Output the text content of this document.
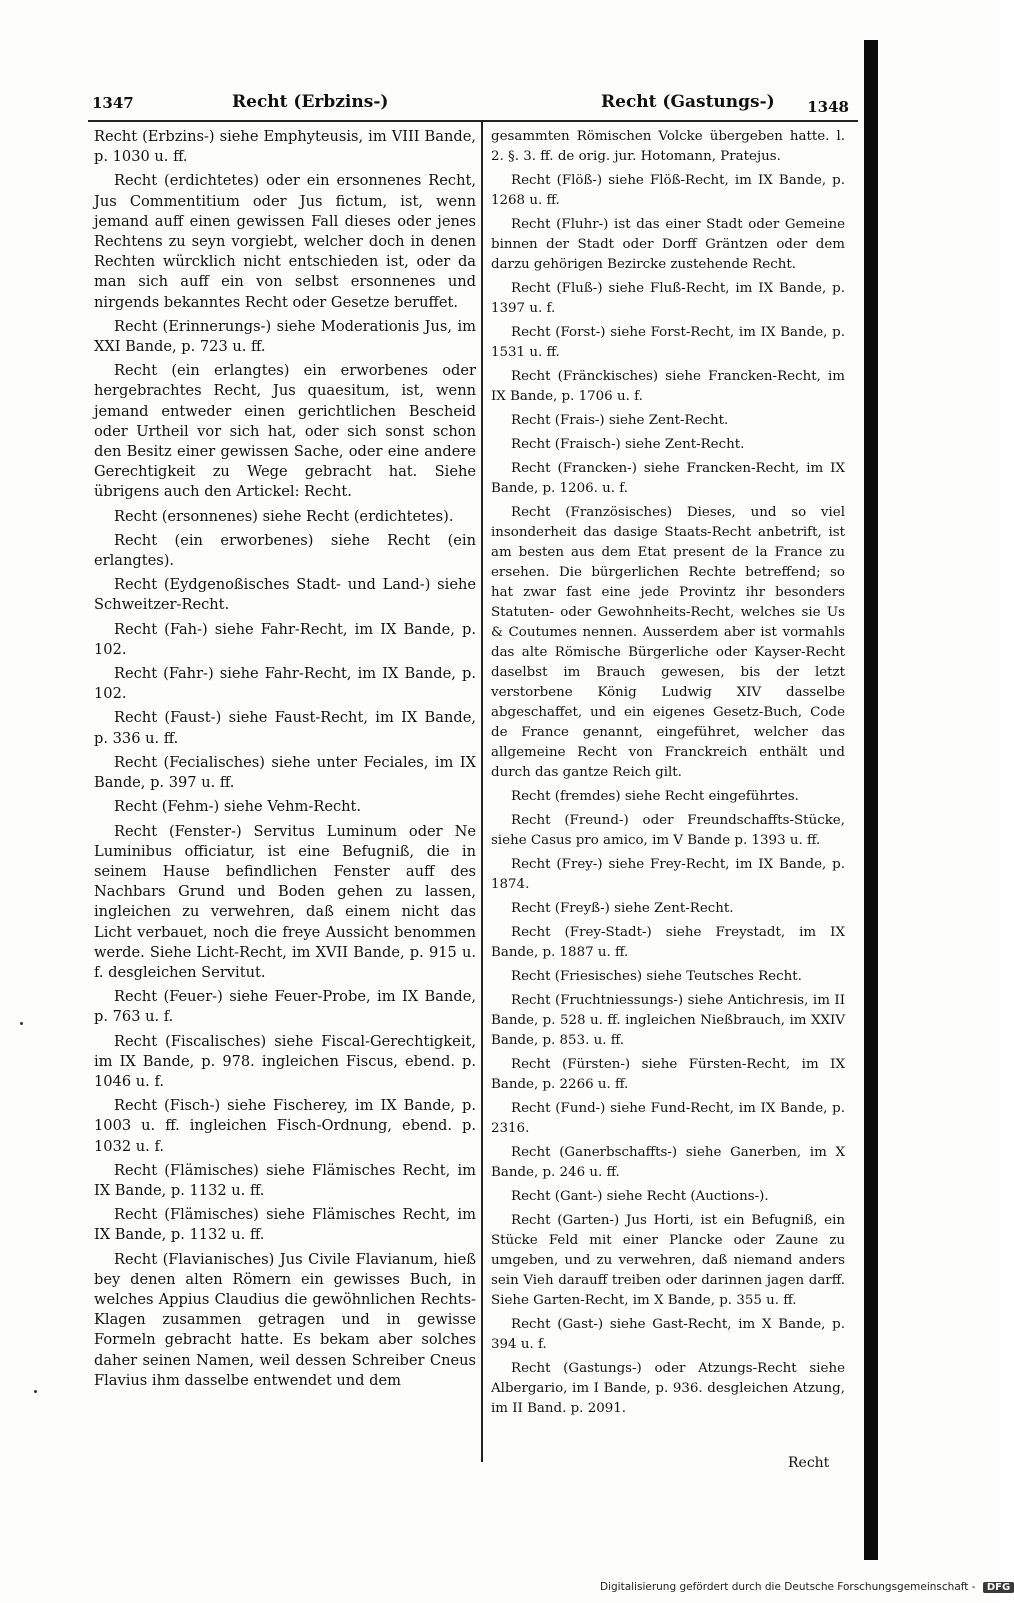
1347	Recht (Erbzins-)	Recht (Gastungs-) 1348

Recht (Erbzins-) siehe Emphyteusis, im VIII Bande, p. 1030 u. ff.

Recht (erdichtetes) oder ein ersonnenes Recht, Jus Commentitium oder Jus fictum, ist, wenn jemand auff einen gewissen Fall dieses oder jenes Rechtens zu seyn vorgiebt, welcher doch in denen Rechten würcklich nicht entschieden ist, oder da man sich auff ein von selbst ersonnenes und nirgends bekanntes Recht oder Gesetze beruffet.

Recht (Erinnerungs-) siehe Moderationis Jus, im XXI Bande, p. 723 u. ff.

Recht (ein erlangtes) ein erworbenes oder hergebrachtes Recht, Jus quaesitum, ist, wenn jemand entweder einen gerichtlichen Bescheid oder Urtheil vor sich hat, oder sich sonst schon den Besitz einer gewissen Sache, oder eine andere Gerechtigkeit zu Wege gebracht hat. Siehe übrigens auch den Artickel: Recht.

Recht (ersonnenes) siehe Recht (erdichtetes).

Recht (ein erworbenes) siehe Recht (ein erlangtes).

Recht (Eydgenoßisches Stadt- und Land-) siehe Schweitzer-Recht.

Recht (Fah-) siehe Fahr-Recht, im IX Bande, p. 102.

Recht (Fahr-) siehe Fahr-Recht, im IX Bande, p. 102.

Recht (Faust-) siehe Faust-Recht, im IX Bande, p. 336 u. ff.

Recht (Fecialisches) siehe unter Feciales, im IX Bande, p. 397 u. ff.

Recht (Fehm-) siehe Vehm-Recht.

Recht (Fenster-) Servitus Luminum oder Ne Luminibus officiatur, ist eine Befugniß, die in seinem Hause befindlichen Fenster auff des Nachbars Grund und Boden gehen zu lassen, ingleichen zu verwehren, daß einem nicht das Licht verbauet, noch die freye Aussicht benommen werde. Siehe Licht-Recht, im XVII Bande, p. 915 u. f. desgleichen Servitut.

Recht (Feuer-) siehe Feuer-Probe, im IX Bande, p. 763 u. f.

Recht (Fiscalisches) siehe Fiscal-Gerechtigkeit, im IX Bande, p. 978. ingleichen Fiscus, ebend. p. 1046 u. f.

Recht (Fisch-) siehe Fischerey, im IX Bande, p. 1003 u. ff. ingleichen Fisch-Ordnung, ebend. p. 1032 u. f.

Recht (Flämisches) siehe Flämisches Recht, im IX Bande, p. 1132 u. ff.

Recht (Flämisches) siehe Flämisches Recht, im IX Bande, p. 1132 u. ff.

Recht (Flavianisches) Jus Civile Flavianum, hieß bey denen alten Römern ein gewisses Buch, in welches Appius Claudius die gewöhnlichen Rechts-Klagen zusammen getragen und in gewisse Formeln gebracht hatte. Es bekam aber solches daher seinen Namen, weil dessen Schreiber Cneus Flavius ihm dasselbe entwendet und dem

gesammten Römischen Volcke übergeben hatte. l. 2. §. 3. ff. de orig. jur. Hotomann, Pratejus.

Recht (Flöß-) siehe Flöß-Recht, im IX Bande, p. 1268 u. ff.

Recht (Fluhr-) ist das einer Stadt oder Gemeine binnen der Stadt oder Dorff Gräntzen oder dem darzu gehörigen Bezircke zustehende Recht.

Recht (Fluß-) siehe Fluß-Recht, im IX Bande, p. 1397 u. f.

Recht (Forst-) siehe Forst-Recht, im IX Bande, p. 1531 u. ff.

Recht (Fränckisches) siehe Francken-Recht, im IX Bande, p. 1706 u. f.

Recht (Frais-) siehe Zent-Recht.

Recht (Fraisch-) siehe Zent-Recht.

Recht (Francken-) siehe Francken-Recht, im IX Bande, p. 1206. u. f.

Recht (Französisches) Dieses, und so viel insonderheit das dasige Staats-Recht anbetrift, ist am besten aus dem Etat present de la France zu ersehen. Die bürgerlichen Rechte betreffend; so hat zwar fast eine jede Provintz ihr besonders Statuten- oder Gewohnheits-Recht, welches sie Us & Coutumes nennen. Ausserdem aber ist vormahls das alte Römische Bürgerliche oder Kayser-Recht daselbst im Brauch gewesen, bis der letzt verstorbene König Ludwig XIV dasselbe abgeschaffet, und ein eigenes Gesetz-Buch, Code de France genannt, eingeführet, welcher das allgemeine Recht von Franckreich enthält und durch das gantze Reich gilt.

Recht (fremdes) siehe Recht eingeführtes.

Recht (Freund-) oder Freundschaffts-Stücke, siehe Casus pro amico, im V Bande p. 1393 u. ff.

Recht (Frey-) siehe Frey-Recht, im IX Bande, p. 1874.

Recht (Freyß-) siehe Zent-Recht.

Recht (Frey-Stadt-) siehe Freystadt, im IX Bande, p. 1887 u. ff.

Recht (Friesisches) siehe Teutsches Recht.

Recht (Fruchtniessungs-) siehe Antichresis, im II Bande, p. 528 u. ff. ingleichen Nießbrauch, im XXIV Bande, p. 853. u. ff.

Recht (Fürsten-) siehe Fürsten-Recht, im IX Bande, p. 2266 u. ff.

Recht (Fund-) siehe Fund-Recht, im IX Bande, p. 2316.

Recht (Ganerbschaffts-) siehe Ganerben, im X Bande, p. 246 u. ff.

Recht (Gant-) siehe Recht (Auctions-).

Recht (Garten-) Jus Horti, ist ein Befugniß, ein Stücke Feld mit einer Plancke oder Zaune zu umgeben, und zu verwehren, daß niemand anders sein Vieh darauff treiben oder darinnen jagen darff. Siehe Garten-Recht, im X Bande, p. 355 u. ff.

Recht (Gast-) siehe Gast-Recht, im X Bande, p. 394 u. f.

Recht (Gastungs-) oder Atzungs-Recht siehe Albergario, im I Bande, p. 936. desgleichen Atzung, im II Band. p. 2091.

Recht
Digitalisierung gefördert durch die Deutsche Forschungsgemeinschaft - DFG
